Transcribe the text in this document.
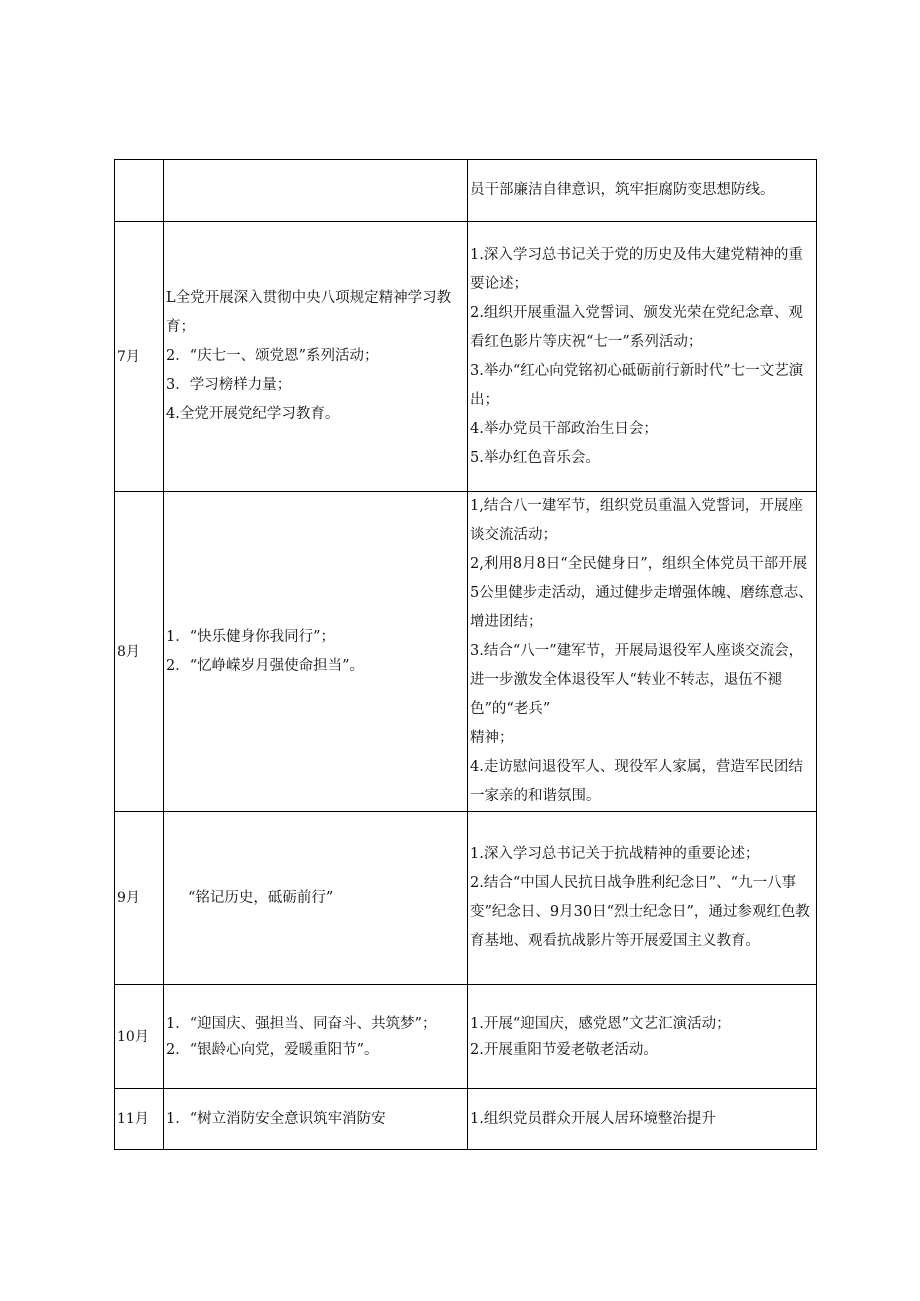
		员干部廉洁自律意识，筑牢拒腐防变思想防线。

7月	L全党开展深入贯彻中央八项规定精神学习教育；
2．“庆七一、颂党恩”系列活动；
3．学习榜样力量；
4.全党开展党纪学习教育。	1.深入学习总书记关于党的历史及伟大建党精神的重要论述；
2.组织开展重温入党誓词、颁发光荣在党纪念章、观看红色影片等庆祝“七一”系列活动；
3.举办“红心向党铭初心砥砺前行新时代”七一文艺演出；
4.举办党员干部政治生日会；
5.举办红色音乐会。

8月	1．“快乐健身你我同行”；
2．“忆峥嵘岁月强使命担当”。	1,结合八一建军节，组织党员重温入党誓词，开展座谈交流活动；
2,利用8月8日“全民健身日”，组织全体党员干部开展5公里健步走活动，通过健步走增强体魄、磨练意志、增进团结；
3.结合“八一”建军节，开展局退役军人座谈交流会，进一步激发全体退役军人“转业不转志，退伍不褪色”的“老兵”
精神；
4.走访慰问退役军人、现役军人家属，营造军民团结一家亲的和谐氛围。

9月	“铭记历史，砥砺前行”	1.深入学习总书记关于抗战精神的重要论述；
2.结合“中国人民抗日战争胜利纪念日”、“九一八事变”纪念日、9月30日“烈士纪念日”，通过参观红色教育基地、观看抗战影片等开展爱国主义教育。

10月	1．“迎国庆、强担当、同奋斗、共筑梦”；
2．“银龄心向党，爱暖重阳节”。	1.开展“迎国庆，感党恩”文艺汇演活动；
2.开展重阳节爱老敬老活动。

11月	1．“树立消防安全意识筑牢消防安	1.组织党员群众开展人居环境整治提升
